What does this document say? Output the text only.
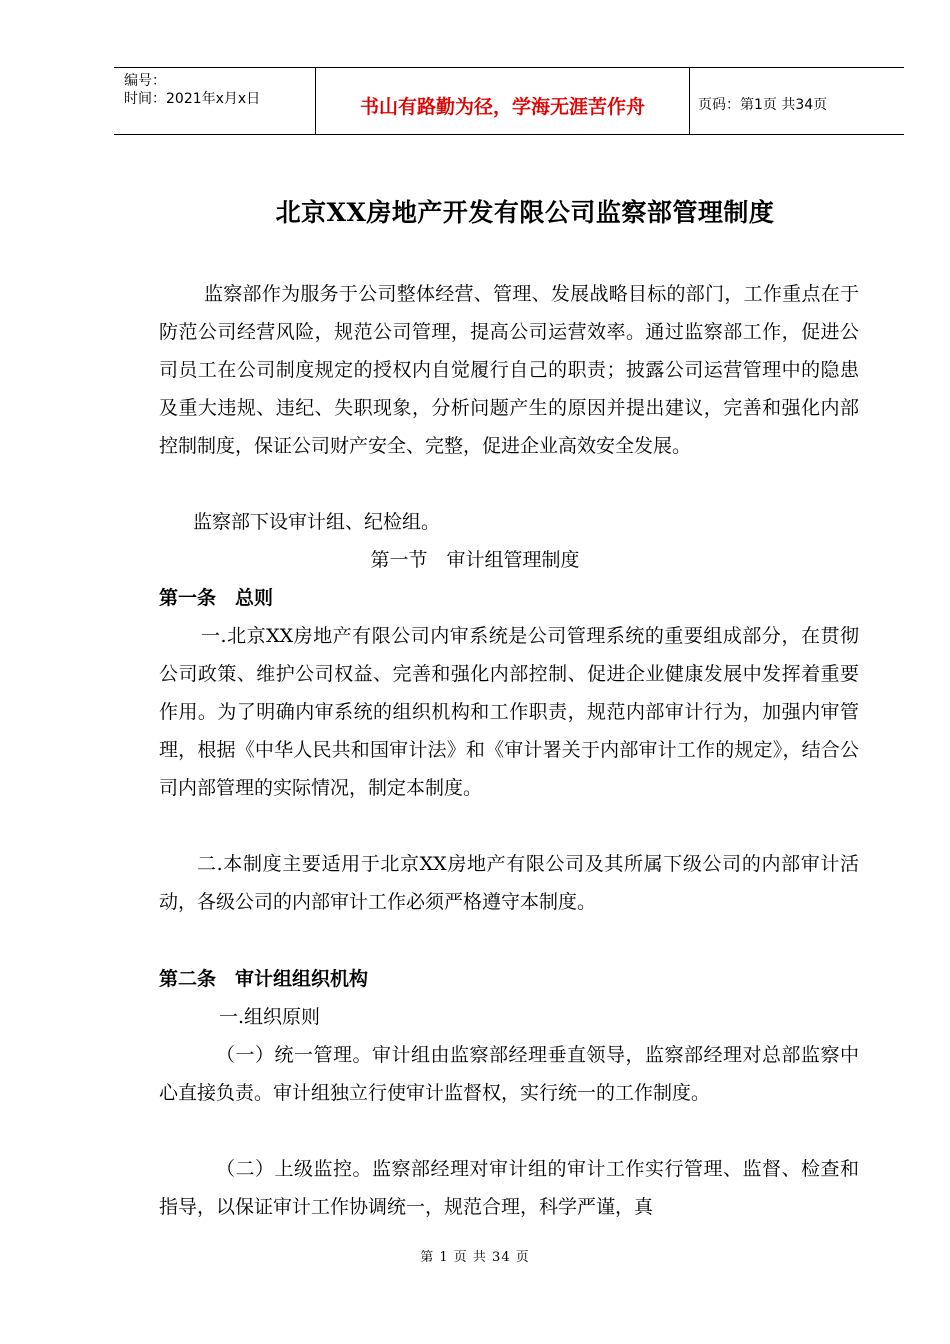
编号：
时间：2021年x月x日	书山有路勤为径，学海无涯苦作舟	页码：第1页 共34页
北京XX房地产开发有限公司监察部管理制度

监察部作为服务于公司整体经营、管理、发展战略目标的部门，工作重点在于防范公司经营风险，规范公司管理，提高公司运营效率。通过监察部工作，促进公司员工在公司制度规定的授权内自觉履行自己的职责；披露公司运营管理中的隐患及重大违规、违纪、失职现象，分析问题产生的原因并提出建议，完善和强化内部控制制度，保证公司财产安全、完整，促进企业高效安全发展。

监察部下设审计组、纪检组。
第一节　审计组管理制度
第一条　总则

一.北京XX房地产有限公司内审系统是公司管理系统的重要组成部分，在贯彻公司政策、维护公司权益、完善和强化内部控制、促进企业健康发展中发挥着重要作用。为了明确内审系统的组织机构和工作职责，规范内部审计行为，加强内审管理，根据《中华人民共和国审计法》和《审计署关于内部审计工作的规定》，结合公司内部管理的实际情况，制定本制度。

二.本制度主要适用于北京XX房地产有限公司及其所属下级公司的内部审计活动，各级公司的内部审计工作必须严格遵守本制度。

第二条　审计组组织机构
一.组织原则

（一）统一管理。审计组由监察部经理垂直领导，监察部经理对总部监察中心直接负责。审计组独立行使审计监督权，实行统一的工作制度。

（二）上级监控。监察部经理对审计组的审计工作实行管理、监督、检查和指导，以保证审计工作协调统一，规范合理，科学严谨，真

第 1 页 共 34 页
